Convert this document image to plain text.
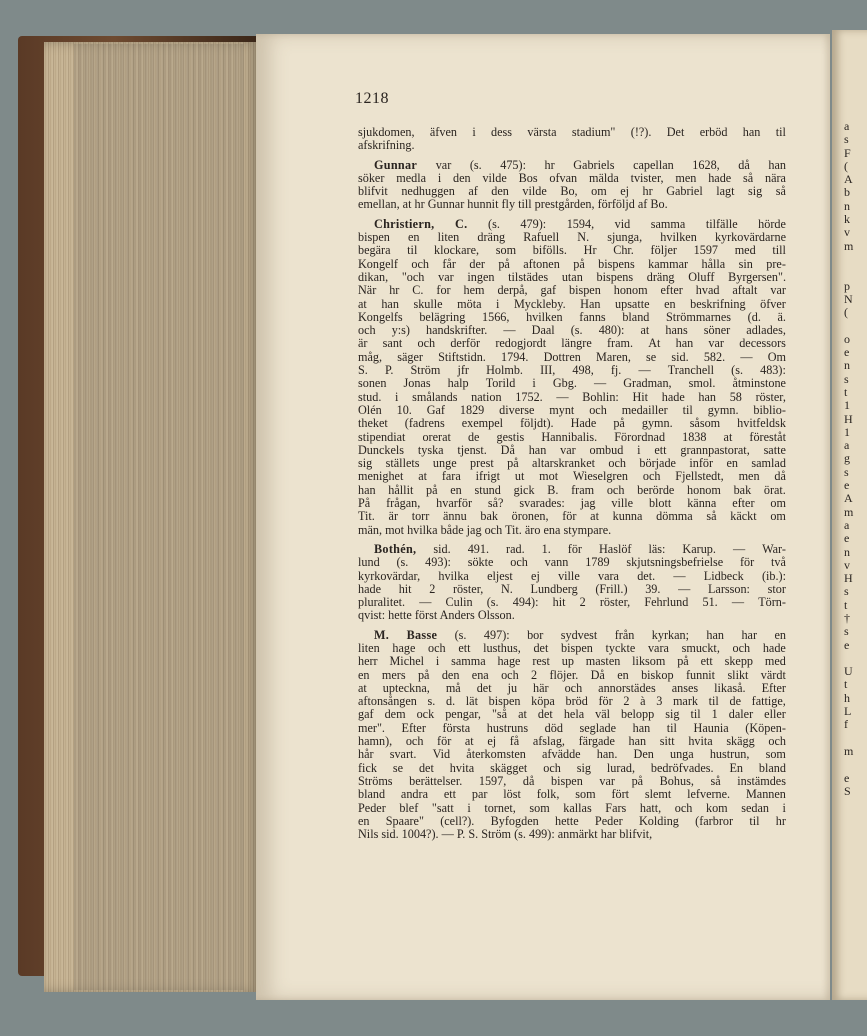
1218
sjukdomen, äfven i dess värsta stadium" (!?). Det erböd han til
afskrifning.
Gunnar var (s. 475): hr Gabriels capellan 1628, då han
söker medla i den vilde Bos ofvan mälda tvister, men hade så nära
blifvit nedhuggen af den vilde Bo, om ej hr Gabriel lagt sig så
emellan, at hr Gunnar hunnit fly till prestgården, förföljd af Bo.
Christiern, C. (s. 479): 1594, vid samma tilfälle hörde
bispen en liten dräng Rafuell N. sjunga, hvilken kyrkovärdarne
begära til klockare, som bifölls. Hr Chr. följer 1597 med till
Kongelf och får der på aftonen på bispens kammar hålla sin pre-
dikan, "och var ingen tilstädes utan bispens dräng Oluff Byrgersen".
När hr C. for hem derpå, gaf bispen honom efter hvad aftalt var
at han skulle möta i Myckleby. Han upsatte en beskrifning öfver
Kongelfs belägring 1566, hvilken fanns bland Strömmarnes (d. ä.
och y:s) handskrifter. — Daal (s. 480): at hans söner adlades,
är sant och derför redogjordt längre fram. At han var decessors
måg, säger Stiftstidn. 1794. Dottren Maren, se sid. 582. — Om
S. P. Ström jfr Holmb. III, 498, fj. — Tranchell (s. 483):
sonen Jonas halp Torild i Gbg. — Gradman, smol. åtminstone
stud. i smålands nation 1752. — Bohlin: Hit hade han 58 röster,
Olén 10. Gaf 1829 diverse mynt och medailler til gymn. biblio-
theket (fadrens exempel följdt). Hade på gymn. såsom hvitfeldsk
stipendiat orerat de gestis Hannibalis. Förordnad 1838 at föreståt
Dunckels tyska tjenst. Då han var ombud i ett grannpastorat, satte
sig ställets unge prest på altarskranket och började inför en samlad
menighet at fara ifrigt ut mot Wieselgren och Fjellstedt, men då
han hållit på en stund gick B. fram och berörde honom bak örat.
På frågan, hvarför så? svarades: jag ville blott känna efter om
Tit. är torr ännu bak öronen, för at kunna dömma så käckt om
män, mot hvilka både jag och Tit. äro ena stympare.
Bothén, sid. 491. rad. 1. för Haslöf läs: Karup. — War-
lund (s. 493): sökte och vann 1789 skjutsningsbefrielse för två
kyrkovärdar, hvilka eljest ej ville vara det. — Lidbeck (ib.):
hade hit 2 röster, N. Lundberg (Frill.) 39. — Larsson: stor
pluralitet. — Culin (s. 494): hit 2 röster, Fehrlund 51. — Törn-
qvist: hette först Anders Olsson.
M. Basse (s. 497): bor sydvest från kyrkan; han har en
liten hage och ett lusthus, det bispen tyckte vara smuckt, och hade
herr Michel i samma hage rest up masten liksom på ett skepp med
en mers på den ena och 2 flöjer. Då en biskop funnit slikt värdt
at upteckna, må det ju här och annorstädes anses likaså. Efter
aftonsången s. d. lät bispen köpa bröd för 2 à 3 mark til de fattige,
gaf dem ock pengar, "så at det hela väl belopp sig til 1 daler eller
mer". Efter första hustruns död seglade han til Haunia (Köpen-
hamn), och för at ej få afslag, färgade han sitt hvita skägg och
hår svart. Vid återkomsten afvädde han. Den unga hustrun, som
fick se det hvita skägget och sig lurad, bedröfvades. En bland
Ströms berättelser. 1597, då bispen var på Bohus, så instämdes
bland andra ett par löst folk, som fört slemt lefverne. Mannen
Peder blef "satt i tornet, som kallas Fars hatt, och kom sedan i
en Spaare" (cell?). Byfogden hette Peder Kolding (farbror til hr
Nils sid. 1004?). — P. S. Ström (s. 499): anmärkt har blifvit,
a
s
F
(
A
b
n
k
v
m
p
N
(
o
e
n
s
t
1
H
1
a
g
s
e
A
m
a
e
n
v
H
s
t
†
s
e
U
t
h
L
f
m
e
S
